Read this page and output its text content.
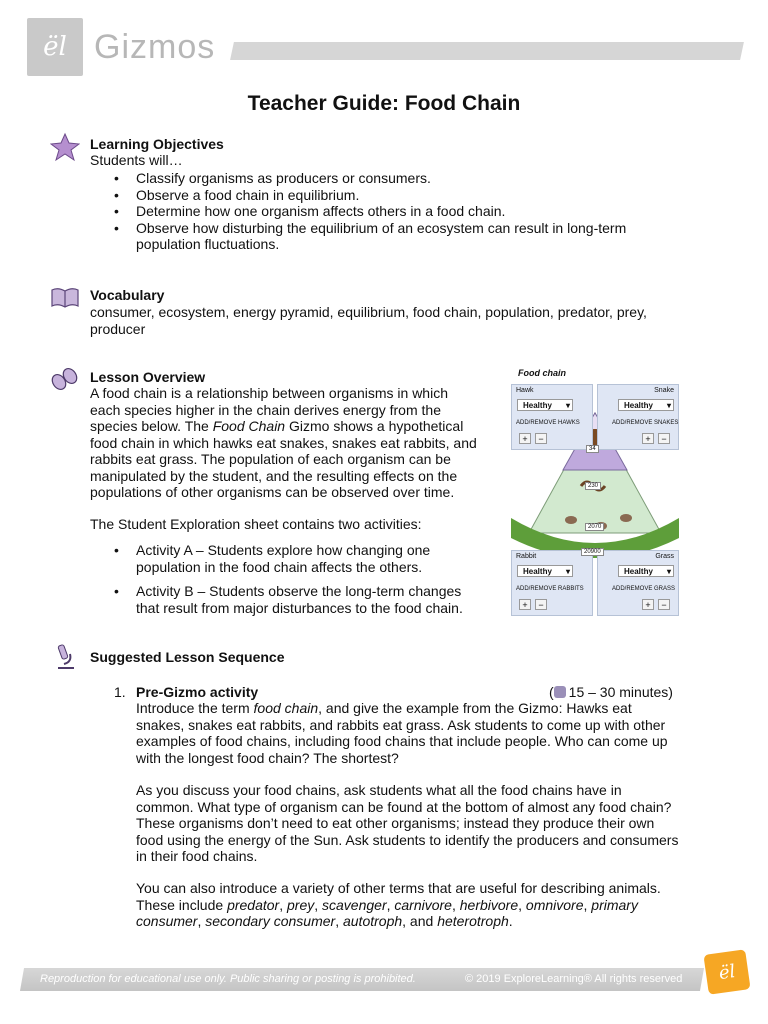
ël Gizmos
Teacher Guide: Food Chain
Learning Objectives
Students will…
• Classify organisms as producers or consumers.
• Observe a food chain in equilibrium.
• Determine how one organism affects others in a food chain.
• Observe how disturbing the equilibrium of an ecosystem can result in long-term population fluctuations.
Vocabulary
consumer, ecosystem, energy pyramid, equilibrium, food chain, population, predator, prey, producer
Lesson Overview
A food chain is a relationship between organisms in which each species higher in the chain derives energy from the species below. The Food Chain Gizmo shows a hypothetical food chain in which hawks eat snakes, snakes eat rabbits, and rabbits eat grass. The population of each organism can be manipulated by the student, and the resulting effects on the populations of other organisms can be observed over time.
The Student Exploration sheet contains two activities:
• Activity A – Students explore how changing one population in the food chain affects the others.
• Activity B – Students observe the long-term changes that result from major disturbances to the food chain.
Food chain
Hawk
Healthy ▾
ADD/REMOVE HAWKS
+	−
Snake
Healthy ▾
ADD/REMOVE SNAKES
+	−
Rabbit
Healthy ▾
ADD/REMOVE RABBITS
+	−
Grass
Healthy ▾
ADD/REMOVE GRASS
+	−
34
230
2070
20900
Suggested Lesson Sequence
1. Pre-Gizmo activity	( 15 – 30 minutes)
Introduce the term food chain, and give the example from the Gizmo: Hawks eat snakes, snakes eat rabbits, and rabbits eat grass. Ask students to come up with other examples of food chains, including food chains that include people. Who can come up with the longest food chain? The shortest?
As you discuss your food chains, ask students what all the food chains have in common. What type of organism can be found at the bottom of almost any food chain? These organisms don’t need to eat other organisms; instead they produce their own food using the energy of the Sun. Ask students to identify the producers and consumers in their food chains.
You can also introduce a variety of other terms that are useful for describing animals. These include predator, prey, scavenger, carnivore, herbivore, omnivore, primary consumer, secondary consumer, autotroph, and heterotroph.
Reproduction for educational use only. Public sharing or posting is prohibited.	© 2019 ExploreLearning® All rights reserved ël
